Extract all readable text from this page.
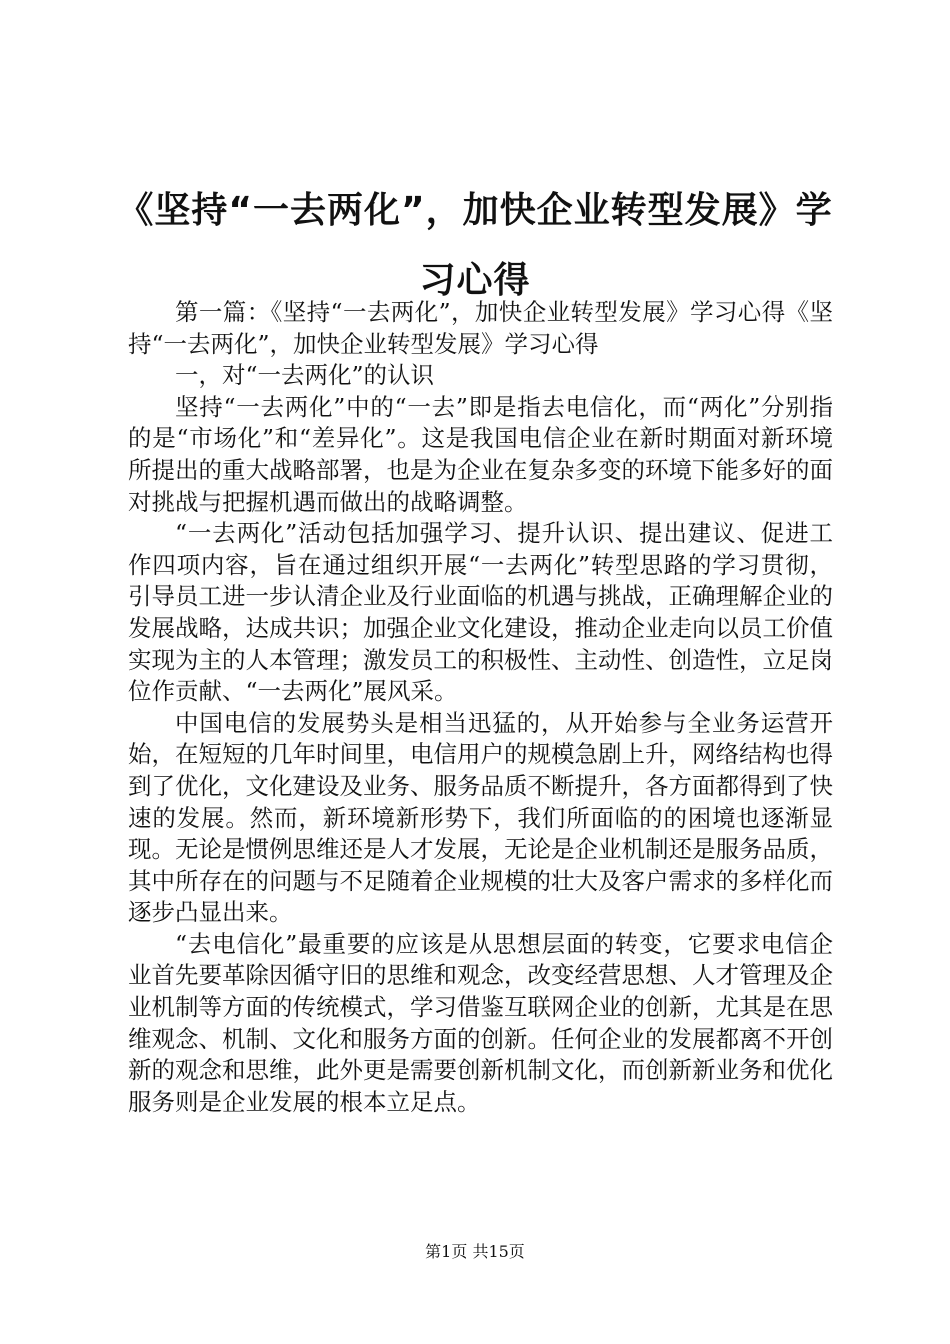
《坚持“一去两化”，加快企业转型发展》学习心得

第一篇：《坚持“一去两化”，加快企业转型发展》学习心得《坚持“一去两化”，加快企业转型发展》学习心得

一，对“一去两化”的认识

坚持“一去两化”中的“一去”即是指去电信化，而“两化”分别指的是“市场化”和“差异化”。这是我国电信企业在新时期面对新环境所提出的重大战略部署，也是为企业在复杂多变的环境下能多好的面对挑战与把握机遇而做出的战略调整。

“一去两化”活动包括加强学习、提升认识、提出建议、促进工作四项内容，旨在通过组织开展“一去两化”转型思路的学习贯彻，引导员工进一步认清企业及行业面临的机遇与挑战，正确理解企业的发展战略，达成共识；加强企业文化建设，推动企业走向以员工价值实现为主的人本管理；激发员工的积极性、主动性、创造性，立足岗位作贡献、“一去两化”展风采。

中国电信的发展势头是相当迅猛的，从开始参与全业务运营开始，在短短的几年时间里，电信用户的规模急剧上升，网络结构也得到了优化，文化建设及业务、服务品质不断提升，各方面都得到了快速的发展。然而，新环境新形势下，我们所面临的的困境也逐渐显现。无论是惯例思维还是人才发展，无论是企业机制还是服务品质，其中所存在的问题与不足随着企业规模的壮大及客户需求的多样化而逐步凸显出来。

“去电信化”最重要的应该是从思想层面的转变，它要求电信企业首先要革除因循守旧的思维和观念，改变经营思想、人才管理及企业机制等方面的传统模式，学习借鉴互联网企业的创新，尤其是在思维观念、机制、文化和服务方面的创新。任何企业的发展都离不开创新的观念和思维，此外更是需要创新机制文化，而创新新业务和优化服务则是企业发展的根本立足点。

第1页 共15页
